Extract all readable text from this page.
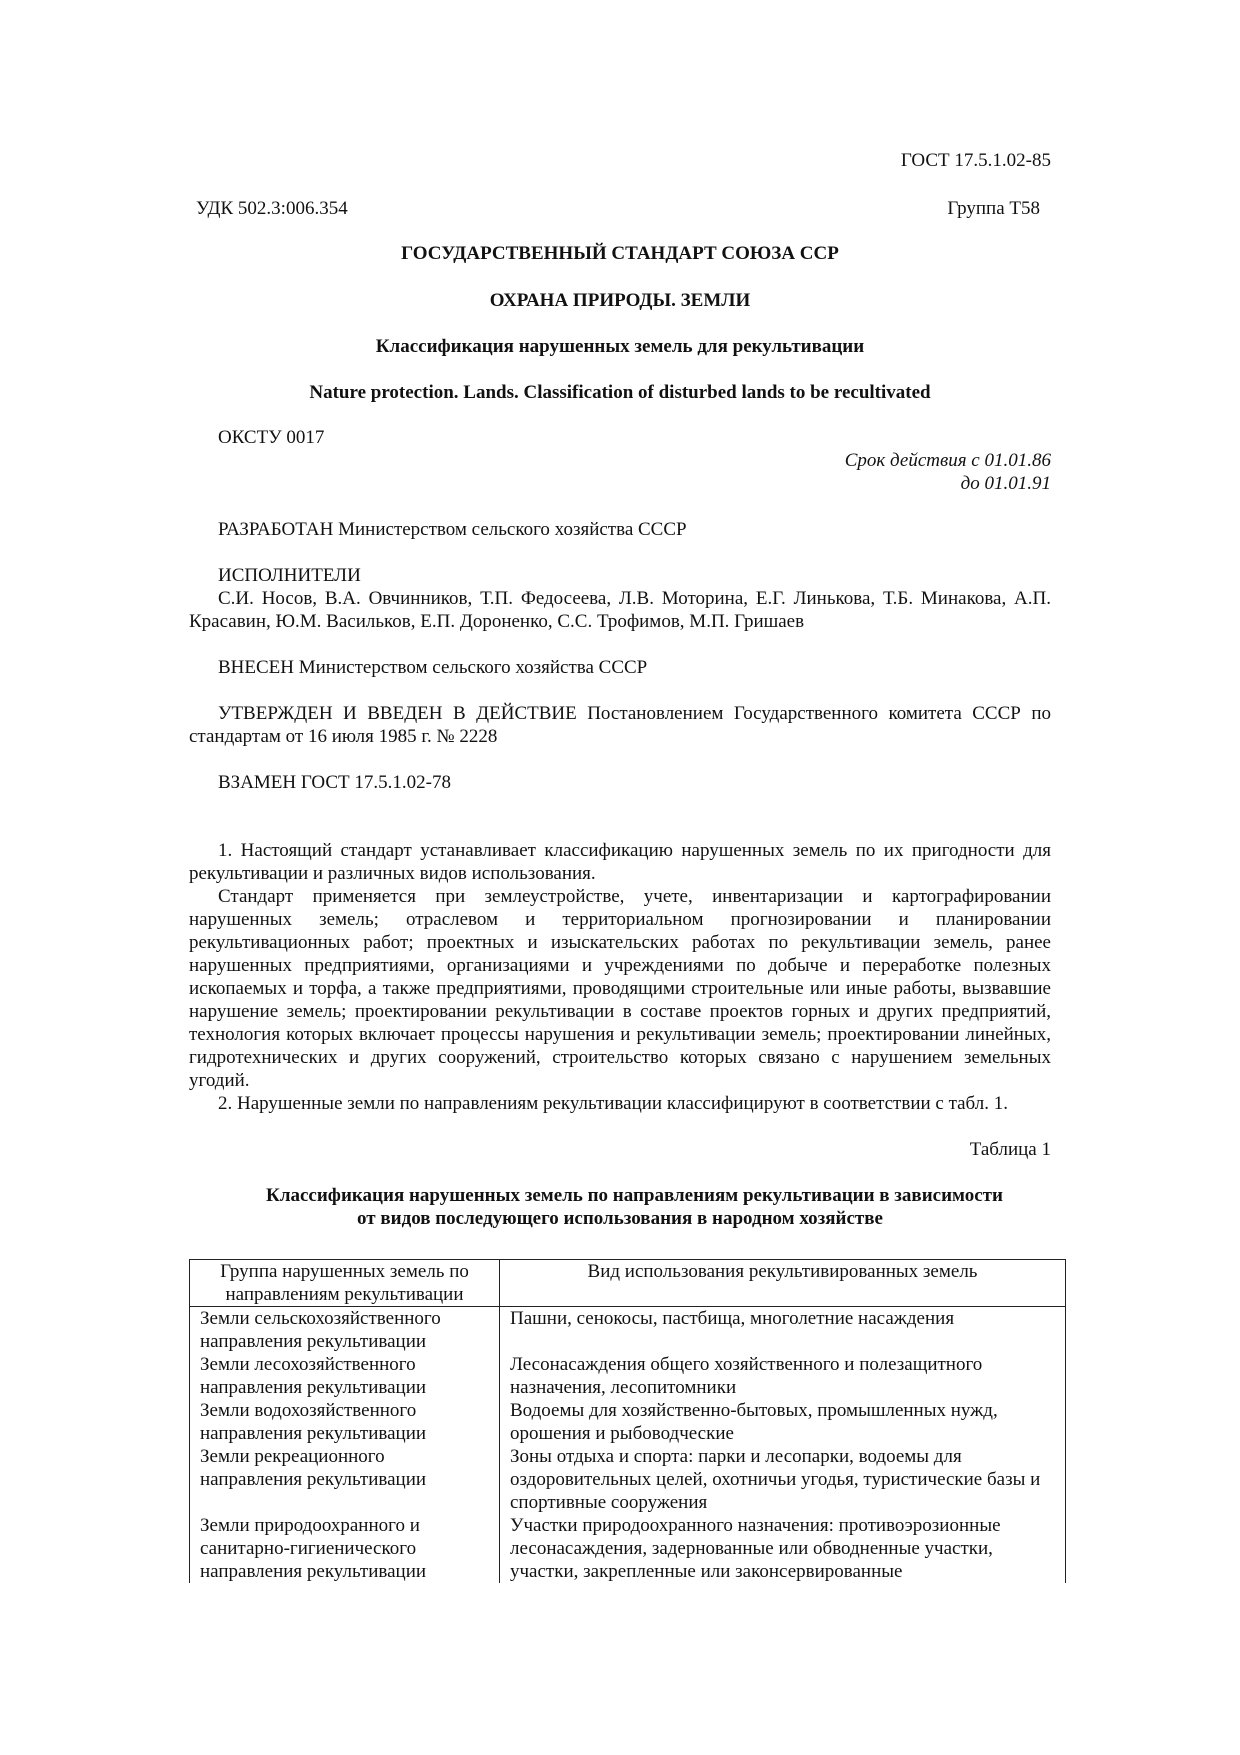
ГОСТ 17.5.1.02-85
УДК 502.3:006.354	Группа Т58
ГОСУДАРСТВЕННЫЙ СТАНДАРТ СОЮЗА ССР
ОХРАНА ПРИРОДЫ. ЗЕМЛИ
Классификация нарушенных земель для рекультивации
Nature protection. Lands. Classification of disturbed lands to be recultivated
ОКСТУ 0017
Срок действия с 01.01.86
до 01.01.91
РАЗРАБОТАН Министерством сельского хозяйства СССР
ИСПОЛНИТЕЛИ
С.И. Носов, В.А. Овчинников, Т.П. Федосеева, Л.В. Моторина, Е.Г. Линькова, Т.Б. Минакова, А.П. Красавин, Ю.М. Васильков, Е.П. Дороненко, С.С. Трофимов, М.П. Гришаев
ВНЕСЕН Министерством сельского хозяйства СССР
УТВЕРЖДЕН И ВВЕДЕН В ДЕЙСТВИЕ Постановлением Государственного комитета СССР по стандартам от 16 июля 1985 г. № 2228
ВЗАМЕН ГОСТ 17.5.1.02-78
1. Настоящий стандарт устанавливает классификацию нарушенных земель по их пригодности для рекультивации и различных видов использования.
Стандарт применяется при землеустройстве, учете, инвентаризации и картографировании нарушенных земель; отраслевом и территориальном прогнозировании и планировании рекультивационных работ; проектных и изыскательских работах по рекультивации земель, ранее нарушенных предприятиями, организациями и учреждениями по добыче и переработке полезных ископаемых и торфа, а также предприятиями, проводящими строительные или иные работы, вызвавшие нарушение земель; проектировании рекультивации в составе проектов горных и других предприятий, технология которых включает процессы нарушения и рекультивации земель; проектировании линейных, гидротехнических и других сооружений, строительство которых связано с нарушением земельных угодий.
2. Нарушенные земли по направлениям рекультивации классифицируют в соответствии с табл. 1.
Таблица 1
Классификация нарушенных земель по направлениям рекультивации в зависимости
от видов последующего использования в народном хозяйстве
Группа нарушенных земель по направлениям рекультивации	Вид использования рекультивированных земель
Земли сельскохозяйственного направления рекультивации	Пашни, сенокосы, пастбища, многолетние насаждения
Земли лесохозяйственного направления рекультивации	Лесонасаждения общего хозяйственного и полезащитного назначения, лесопитомники
Земли водохозяйственного направления рекультивации	Водоемы для хозяйственно-бытовых, промышленных нужд, орошения и рыбоводческие
Земли рекреационного направления рекультивации	Зоны отдыха и спорта: парки и лесопарки, водоемы для оздоровительных целей, охотничьи угодья, туристические базы и спортивные сооружения
Земли природоохранного и санитарно-гигиенического направления рекультивации	Участки природоохранного назначения: противоэрозионные лесонасаждения, задернованные или обводненные участки, участки, закрепленные или законсервированные
